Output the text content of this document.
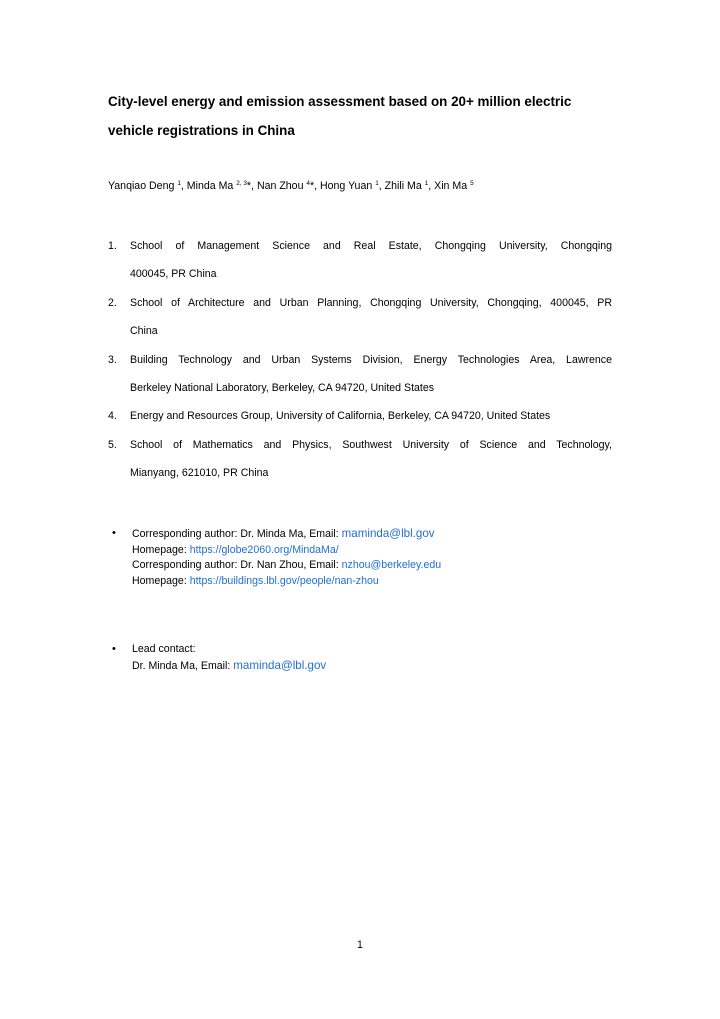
City-level energy and emission assessment based on 20+ million electric
vehicle registrations in China
Yanqiao Deng $^1$, Minda Ma $^{2, 3}$*, Nan Zhou $^4$*, Hong Yuan $^1$, Zhili Ma $^1$, Xin Ma $^5$
1. School of Management Science and Real Estate, Chongqing University, Chongqing
400045, PR China
2. School of Architecture and Urban Planning, Chongqing University, Chongqing, 400045, PR
China
3. Building Technology and Urban Systems Division, Energy Technologies Area, Lawrence
Berkeley National Laboratory, Berkeley, CA 94720, United States
4. Energy and Resources Group, University of California, Berkeley, CA 94720, United States
5. School of Mathematics and Physics, Southwest University of Science and Technology,
Mianyang, 621010, PR China
• Corresponding author: Dr. Minda Ma, Email: maminda@lbl.gov
Homepage: https://globe2060.org/MindaMa/
Corresponding author: Dr. Nan Zhou, Email: nzhou@berkeley.edu
Homepage: https://buildings.lbl.gov/people/nan-zhou
• Lead contact:
Dr. Minda Ma, Email: maminda@lbl.gov
1
